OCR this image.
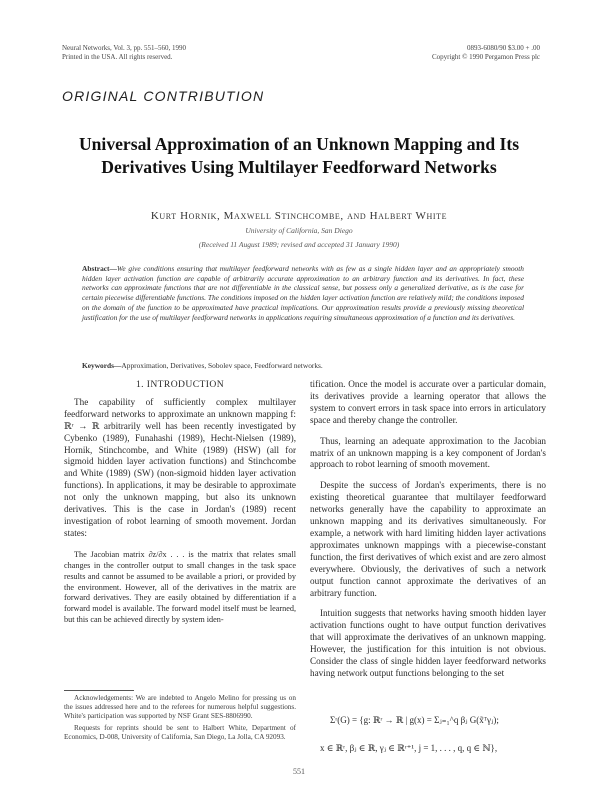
Neural Networks, Vol. 3, pp. 551–560, 1990
Printed in the USA. All rights reserved.
0893-6080/90 $3.00 + .00
Copyright © 1990 Pergamon Press plc
ORIGINAL CONTRIBUTION
Universal Approximation of an Unknown Mapping and Its Derivatives Using Multilayer Feedforward Networks
Kurt Hornik, Maxwell Stinchcombe, and Halbert White
University of California, San Diego
(Received 11 August 1989; revised and accepted 31 January 1990)
Abstract—We give conditions ensuring that multilayer feedforward networks with as few as a single hidden layer and an appropriately smooth hidden layer activation function are capable of arbitrarily accurate approximation to an arbitrary function and its derivatives. In fact, these networks can approximate functions that are not differentiable in the classical sense, but possess only a generalized derivative, as is the case for certain piecewise differentiable functions. The conditions imposed on the hidden layer activation function are relatively mild; the conditions imposed on the domain of the function to be approximated have practical implications. Our approximation results provide a previously missing theoretical justification for the use of multilayer feedforward networks in applications requiring simultaneous approximation of a function and its derivatives.
Keywords—Approximation, Derivatives, Sobolev space, Feedforward networks.
1. INTRODUCTION

The capability of sufficiently complex multilayer feedforward networks to approximate an unknown mapping f: ℝʳ → ℝ arbitrarily well has been recently investigated by Cybenko (1989), Funahashi (1989), Hecht-Nielsen (1989), Hornik, Stinchcombe, and White (1989) (HSW) (all for sigmoid hidden layer activation functions) and Stinchcombe and White (1989) (SW) (non-sigmoid hidden layer activation functions). In applications, it may be desirable to approximate not only the unknown mapping, but also its unknown derivatives. This is the case in Jordan's (1989) recent investigation of robot learning of smooth movement. Jordan states:

The Jacobian matrix ∂z/∂x . . . is the matrix that relates small changes in the controller output to small changes in the task space results and cannot be assumed to be available a priori, or provided by the environment. However, all of the derivatives in the matrix are forward derivatives. They are easily obtained by differentiation if a forward model is available. The forward model itself must be learned, but this can be achieved directly by system iden-

tification. Once the model is accurate over a particular domain, its derivatives provide a learning operator that allows the system to convert errors in task space into errors in articulatory space and thereby change the controller.

Thus, learning an adequate approximation to the Jacobian matrix of an unknown mapping is a key component of Jordan's approach to robot learning of smooth movement.

Despite the success of Jordan's experiments, there is no existing theoretical guarantee that multilayer feedforward networks generally have the capability to approximate an unknown mapping and its derivatives simultaneously. For example, a network with hard limiting hidden layer activations approximates unknown mappings with a piecewise-constant function, the first derivatives of which exist and are zero almost everywhere. Obviously, the derivatives of such a network output function cannot approximate the derivatives of an arbitrary function.

Intuition suggests that networks having smooth hidden layer activation functions ought to have output function derivatives that will approximate the derivatives of an unknown mapping. However, the justification for this intuition is not obvious. Consider the class of single hidden layer feedforward networks having network output functions belonging to the set

Σʳ(G) = {g: ℝʳ → ℝ | g(x) = Σⱼ₌₁^q βⱼ G(x̃ᵀγⱼ);
x ∈ ℝʳ, βⱼ ∈ ℝ, γⱼ ∈ ℝʳ⁺¹, j = 1, . . . , q, q ∈ ℕ},

Acknowledgements: We are indebted to Angelo Melino for pressing us on the issues addressed here and to the referees for numerous helpful suggestions. White's participation was supported by NSF Grant SES-8806990.

Requests for reprints should be sent to Halbert White, Department of Economics, D-008, University of California, San Diego, La Jolla, CA 92093.

551
